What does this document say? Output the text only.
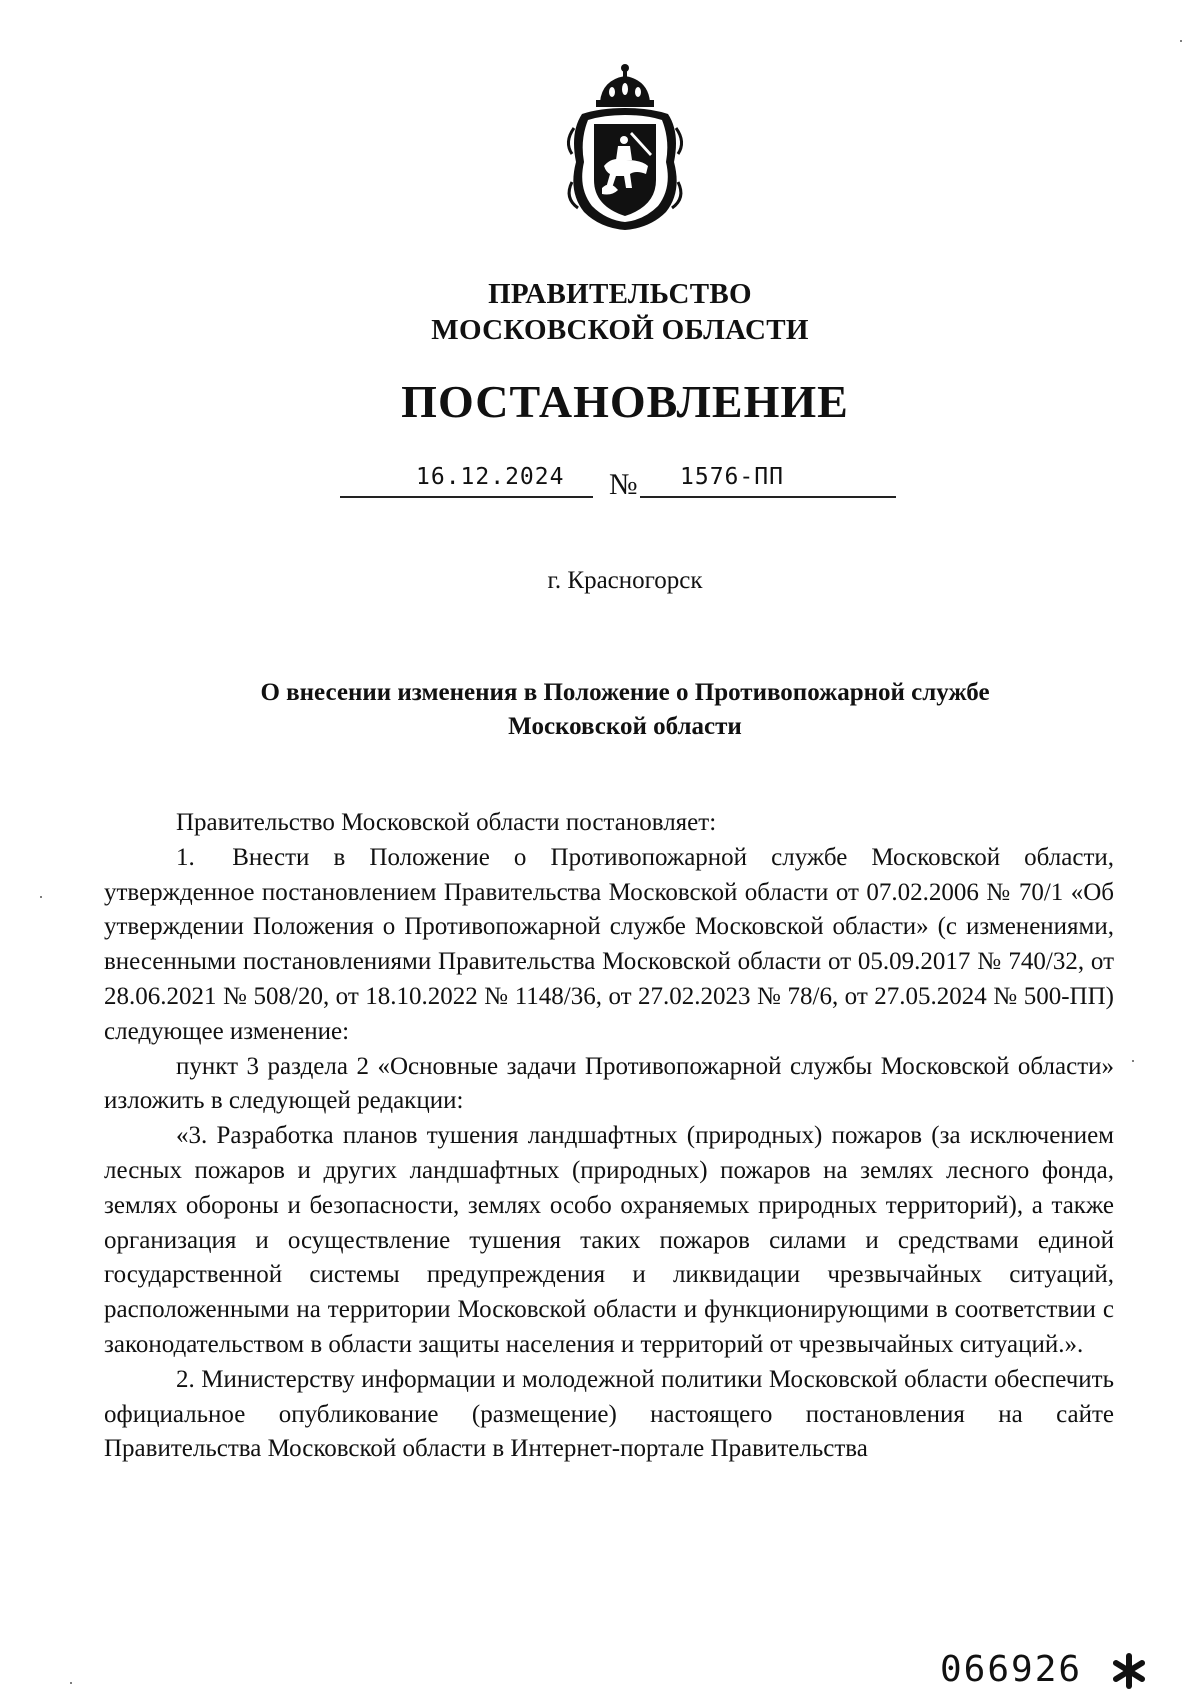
ПРАВИТЕЛЬСТВО
МОСКОВСКОЙ ОБЛАСТИ
ПОСТАНОВЛЕНИЕ
16.12.2024 № 1576-ПП
г. Красногорск
О внесении изменения в Положение о Противопожарной службе
Московской области

Правительство Московской области постановляет:

1.  Внести в Положение о Противопожарной службе Московской области, утвержденное постановлением Правительства Московской области от 07.02.2006 № 70/1 «Об утверждении Положения о Противопожарной службе Московской области» (с изменениями, внесенными постановлениями Правительства Московской области от 05.09.2017 № 740/32, от 28.06.2021 № 508/20, от 18.10.2022 № 1148/36, от 27.02.2023 № 78/6, от 27.05.2024 № 500-ПП) следующее изменение:

пункт 3 раздела 2 «Основные задачи Противопожарной службы Московской области» изложить в следующей редакции:

«3. Разработка планов тушения ландшафтных (природных) пожаров (за исключением лесных пожаров и других ландшафтных (природных) пожаров на землях лесного фонда, землях обороны и безопасности, землях особо охраняемых природных территорий), а также организация и осуществление тушения таких пожаров силами и средствами единой государственной системы предупреждения и ликвидации чрезвычайных ситуаций, расположенными на территории Московской области и функционирующими в соответствии с законодательством в области защиты населения и территорий от чрезвычайных ситуаций.».

2. Министерству информации и молодежной политики Московской области обеспечить официальное опубликование (размещение) настоящего постановления на сайте Правительства Московской области в Интернет-портале Правительства

066926
